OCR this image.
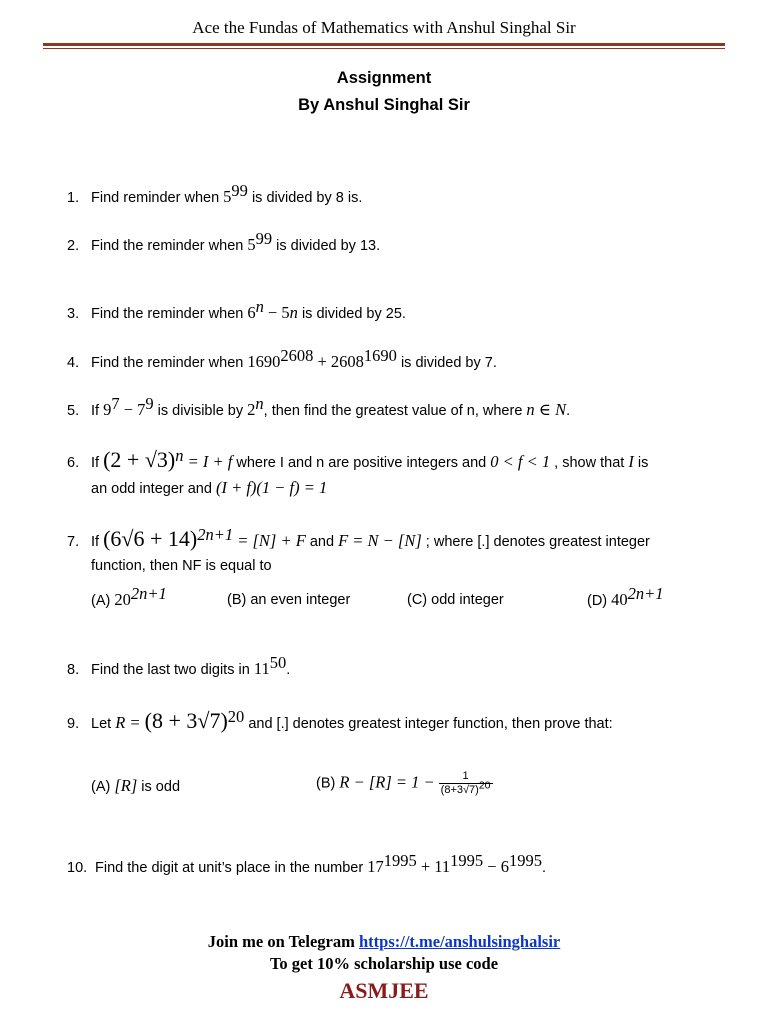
Ace the Fundas of Mathematics with Anshul Singhal Sir
Assignment
By Anshul Singhal Sir
1. Find reminder when $5^{99}$ is divided by 8 is.
2. Find the reminder when $5^{99}$ is divided by 13.
3. Find the reminder when $6^n - 5n$ is divided by 25.
4. Find the reminder when $1690^{2608} + 2608^{1690}$ is divided by 7.
5. If $9^7 - 7^9$ is divisible by 2$^n$, then find the greatest value of n, where n ∈ N.
6. If $(2 + √3)^n = I + f$ where I and n are positive integers and 0 < f < 1 , show that I is
an odd integer and (I + f)(1 − f) = 1
7. If $(6√6 + 14)^{2n+1} = [N] + F$ and F = N − [N] ; where [.] denotes greatest integer
function, then NF is equal to
(A) $20^{2n+1}$	(B) an even integer	(C) odd integer	(D) $40^{2n+1}$
8. Find the last two digits in $11^{50}$.
9. Let $R = (8 + 3√7)^{20}$ and [.] denotes greatest integer function, then prove that:
(A) [R] is odd	(B) $R - [R] = 1 - \frac{1}{(8+3√7)^{20}}$
10. Find the digit at unit’s place in the number $17^{1995} + 11^{1995} - 6^{1995}$.
Join me on Telegram https://t.me/anshulsinghalsir
To get 10% scholarship use code
ASMJEE
